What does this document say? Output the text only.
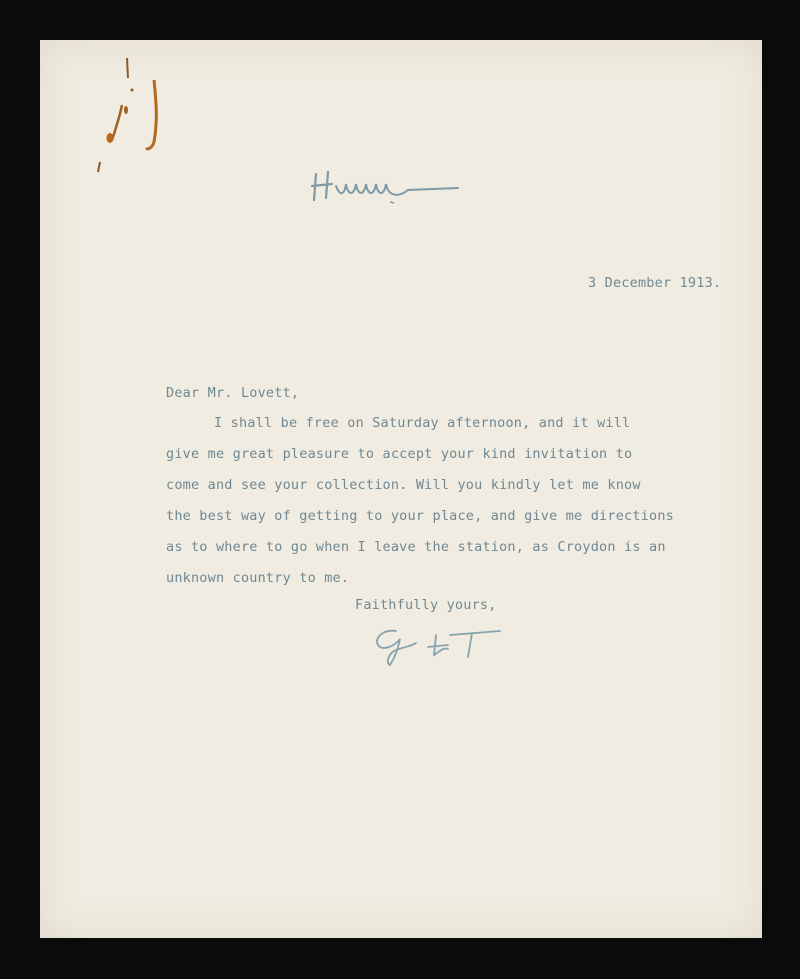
3 December 1913.
Dear Mr. Lovett,
I shall be free on Saturday afternoon, and it will
give me great pleasure to accept your kind invitation to
come and see your collection. Will you kindly let me know
the best way of getting to your place, and give me directions
as to where to go when I leave the station, as Croydon is an
unknown country to me.
Faithfully yours,
